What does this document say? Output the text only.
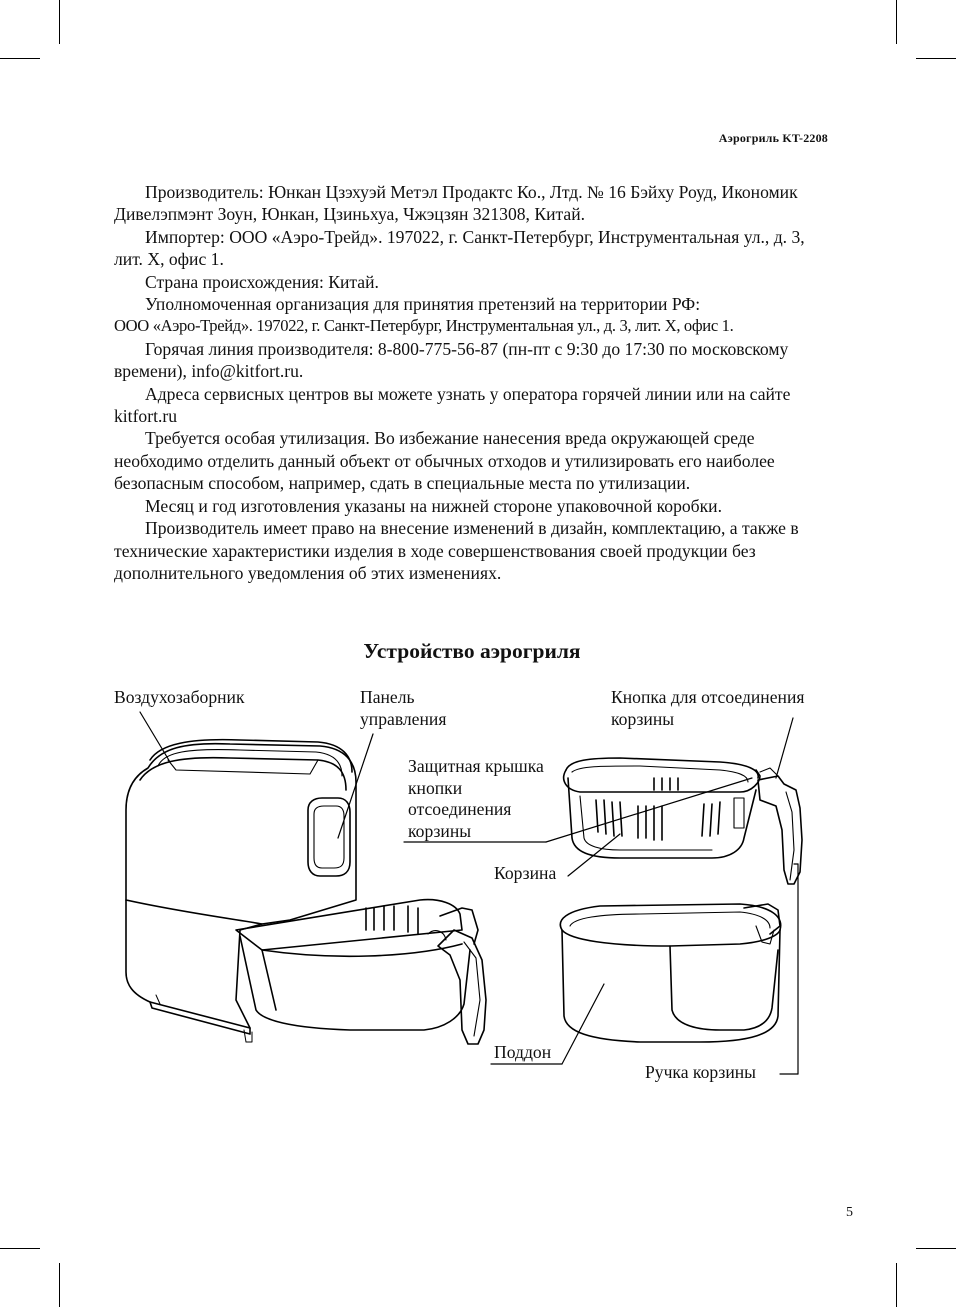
Аэрогриль KT-2208

Производитель: Юнкан Цзэхуэй Метэл Продактс Ко., Лтд. № 16 Бэйху Роуд, Икономик Дивелэпмэнт Зоун, Юнкан, Цзиньхуа, Чжэцзян 321308, Китай.

Импортер: ООО «Аэро-Трейд». 197022, г. Санкт-Петербург, Инструментальная ул., д. 3, лит. Х, офис 1.

Страна происхождения: Китай.

Уполномоченная организация для принятия претензий на территории РФ:

ООО «Аэро-Трейд». 197022, г. Санкт-Петербург, Инструментальная ул., д. 3, лит. Х, офис 1.

Горячая линия производителя: 8-800-775-56-87 (пн-пт с 9:30 до 17:30 по московскому времени), info@kitfort.ru.

Адреса сервисных центров вы можете узнать у оператора горячей линии или на сайте kitfort.ru

Требуется особая утилизация. Во избежание нанесения вреда окружающей среде необходимо отделить данный объект от обычных отходов и утилизировать его наиболее безопасным способом, например, сдать в специальные места по утилизации.

Месяц и год изготовления указаны на нижней стороне упаковочной коробки.

Производитель имеет право на внесение изменений в дизайн, комплектацию, а также в технические характеристики изделия в ходе совершенствования своей продукции без дополнительного уведомления об этих изменениях.

Устройство аэрогриля
Воздухозаборник	Панель управления
Кнопка для отсоединения корзины
Защитная крышка кнопки отсоединения корзины
Корзина
Поддон
Ручка корзины
5
